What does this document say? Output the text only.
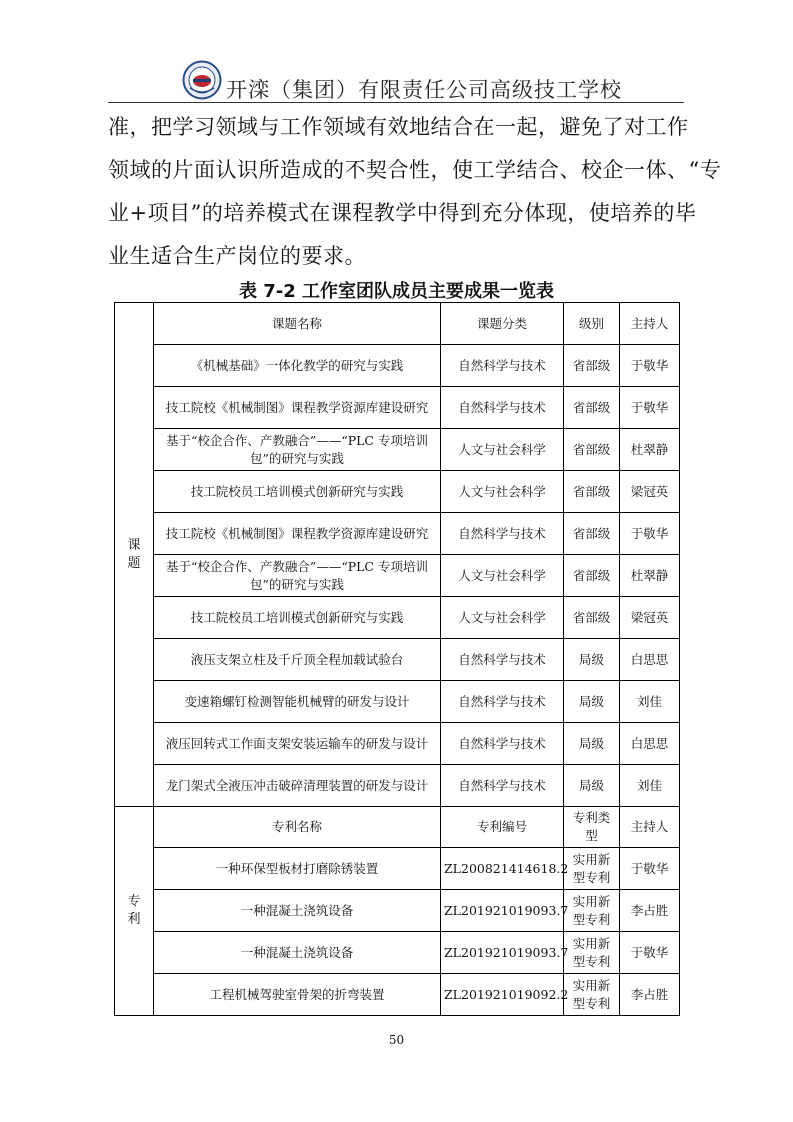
开滦（集团）有限责任公司高级技工学校
准，把学习领域与工作领域有效地结合在一起，避免了对工作
领域的片面认识所造成的不契合性，使工学结合、校企一体、“专
业+项目”的培养模式在课程教学中得到充分体现，使培养的毕
业生适合生产岗位的要求。
表 7-2 工作室团队成员主要成果一览表
课题	课题名称	课题分类	级别	主持人
	《机械基础》一体化教学的研究与实践	自然科学与技术	省部级	于敬华
	技工院校《机械制图》课程教学资源库建设研究	自然科学与技术	省部级	于敬华
	基于“校企合作、产教融合”——“PLC 专项培训包”的研究与实践	人文与社会科学	省部级	杜翠静
	技工院校员工培训模式创新研究与实践	人文与社会科学	省部级	梁冠英
	技工院校《机械制图》课程教学资源库建设研究	自然科学与技术	省部级	于敬华
	基于“校企合作、产教融合”——“PLC 专项培训包”的研究与实践	人文与社会科学	省部级	杜翠静
	技工院校员工培训模式创新研究与实践	人文与社会科学	省部级	梁冠英
	液压支架立柱及千斤顶全程加载试验台	自然科学与技术	局级	白思思
	变速箱螺钉检测智能机械臂的研发与设计	自然科学与技术	局级	刘佳
	液压回转式工作面支架安装运输车的研发与设计	自然科学与技术	局级	白思思
	龙门架式全液压冲击破碎清理装置的研发与设计	自然科学与技术	局级	刘佳
专利	专利名称	专利编号	专利类型	主持人
	一种环保型板材打磨除锈装置	ZL200821414618.2	实用新型专利	于敬华
	一种混凝土浇筑设备	ZL201921019093.7	实用新型专利	李占胜
	一种混凝土浇筑设备	ZL201921019093.7	实用新型专利	于敬华
	工程机械驾驶室骨架的折弯装置	ZL201921019092.2	实用新型专利	李占胜
50
